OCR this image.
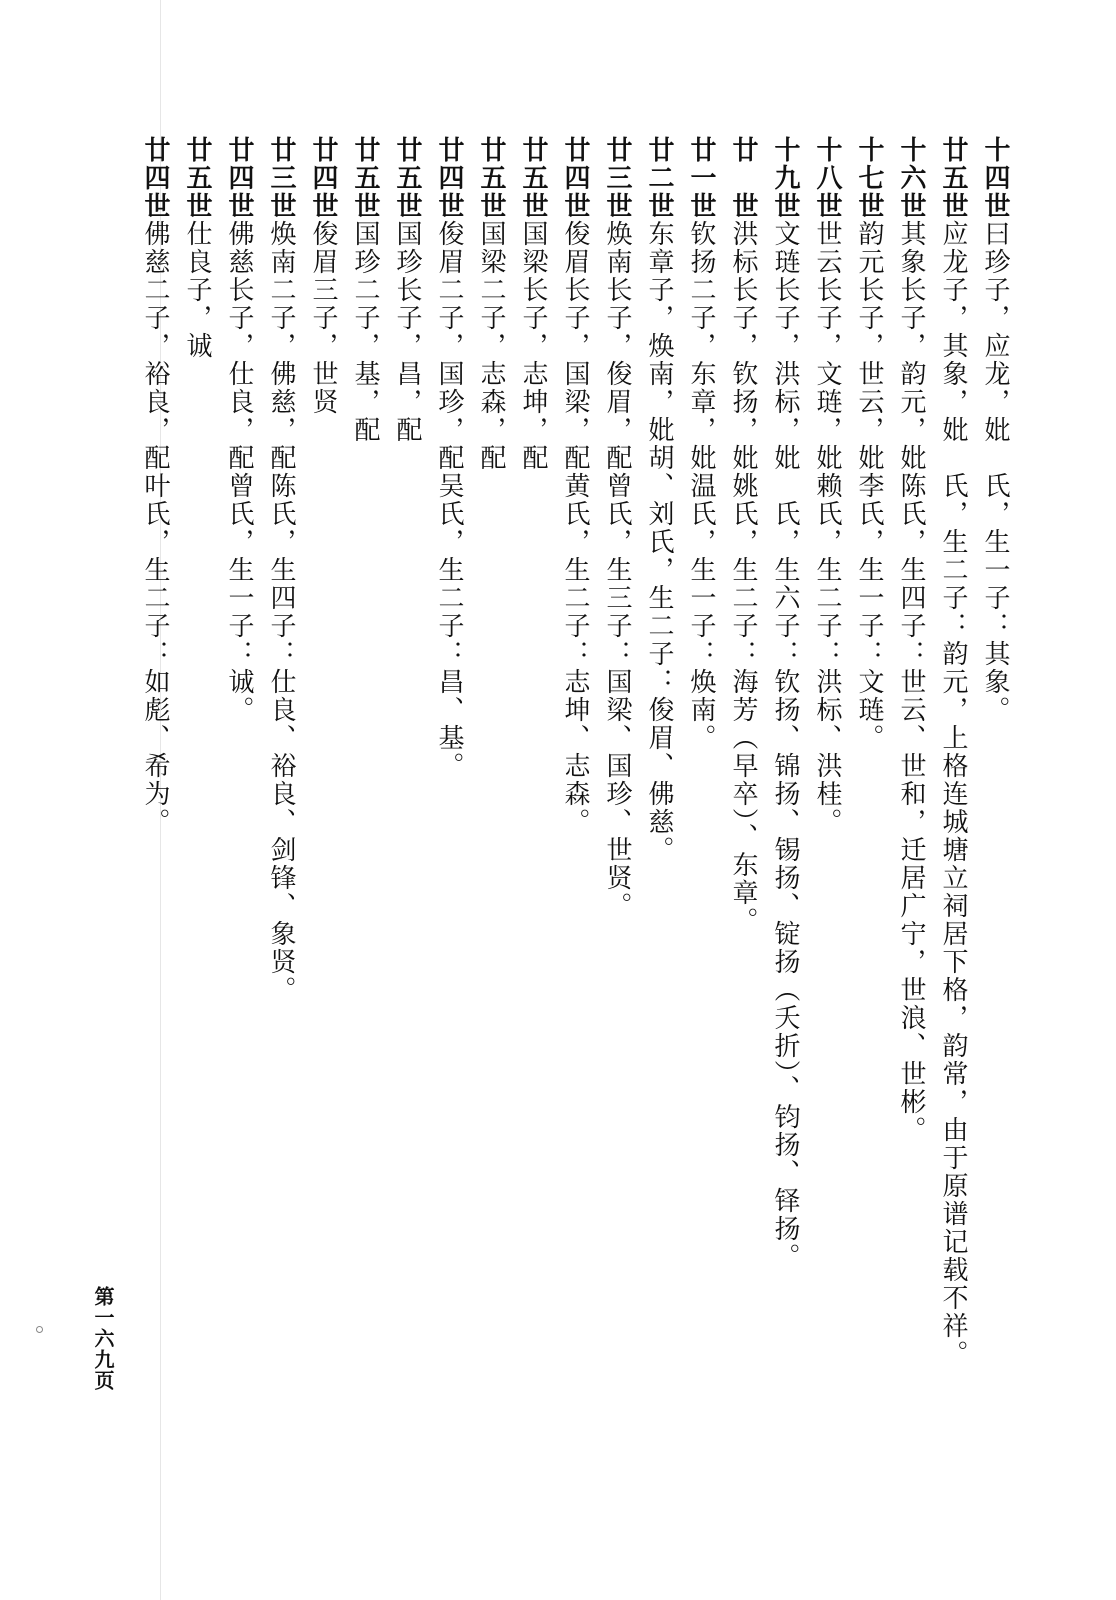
十四世曰珍子，应龙，妣　氏，生一子：其象。
廿五世应龙子，其象，妣　氏，生二子：韵元，上格连城塘立祠居下格，韵常，由于原谱记载不祥。
十六世其象长子，韵元，妣陈氏，生四子：世云、世和，迁居广宁，世浪、世彬。
十七世韵元长子，世云，妣李氏，生一子：文琏。
十八世世云长子，文琏，妣赖氏，生二子：洪标、洪桂。
十九世文琏长子，洪标，妣　氏，生六子：钦扬、锦扬、锡扬、锭扬（夭折）、钧扬、铎扬。
廿　世洪标长子，钦扬，妣姚氏，生二子：海芳（早卒）、东章。
廿一世钦扬二子，东章，妣温氏，生一子：焕南。
廿二世东章子，焕南，妣胡、刘氏，生二子：俊眉、佛慈。
廿三世焕南长子，俊眉，配曾氏，生三子：国梁、国珍、世贤。
廿四世俊眉长子，国梁，配黄氏，生二子：志坤、志森。
廿五世国梁长子，志坤，配
廿五世国梁二子，志森，配
廿四世俊眉二子，国珍，配吴氏，生二子：昌、基。
廿五世国珍长子，昌，配
廿五世国珍二子，基，配
廿四世俊眉三子，世贤
廿三世焕南二子，佛慈，配陈氏，生四子：仕良、裕良、剑锋、象贤。
廿四世佛慈长子，仕良，配曾氏，生一子：诚。
廿五世仕良子，诚
廿四世佛慈二子，裕良，配叶氏，生二子：如彪、希为。
第一六九页
